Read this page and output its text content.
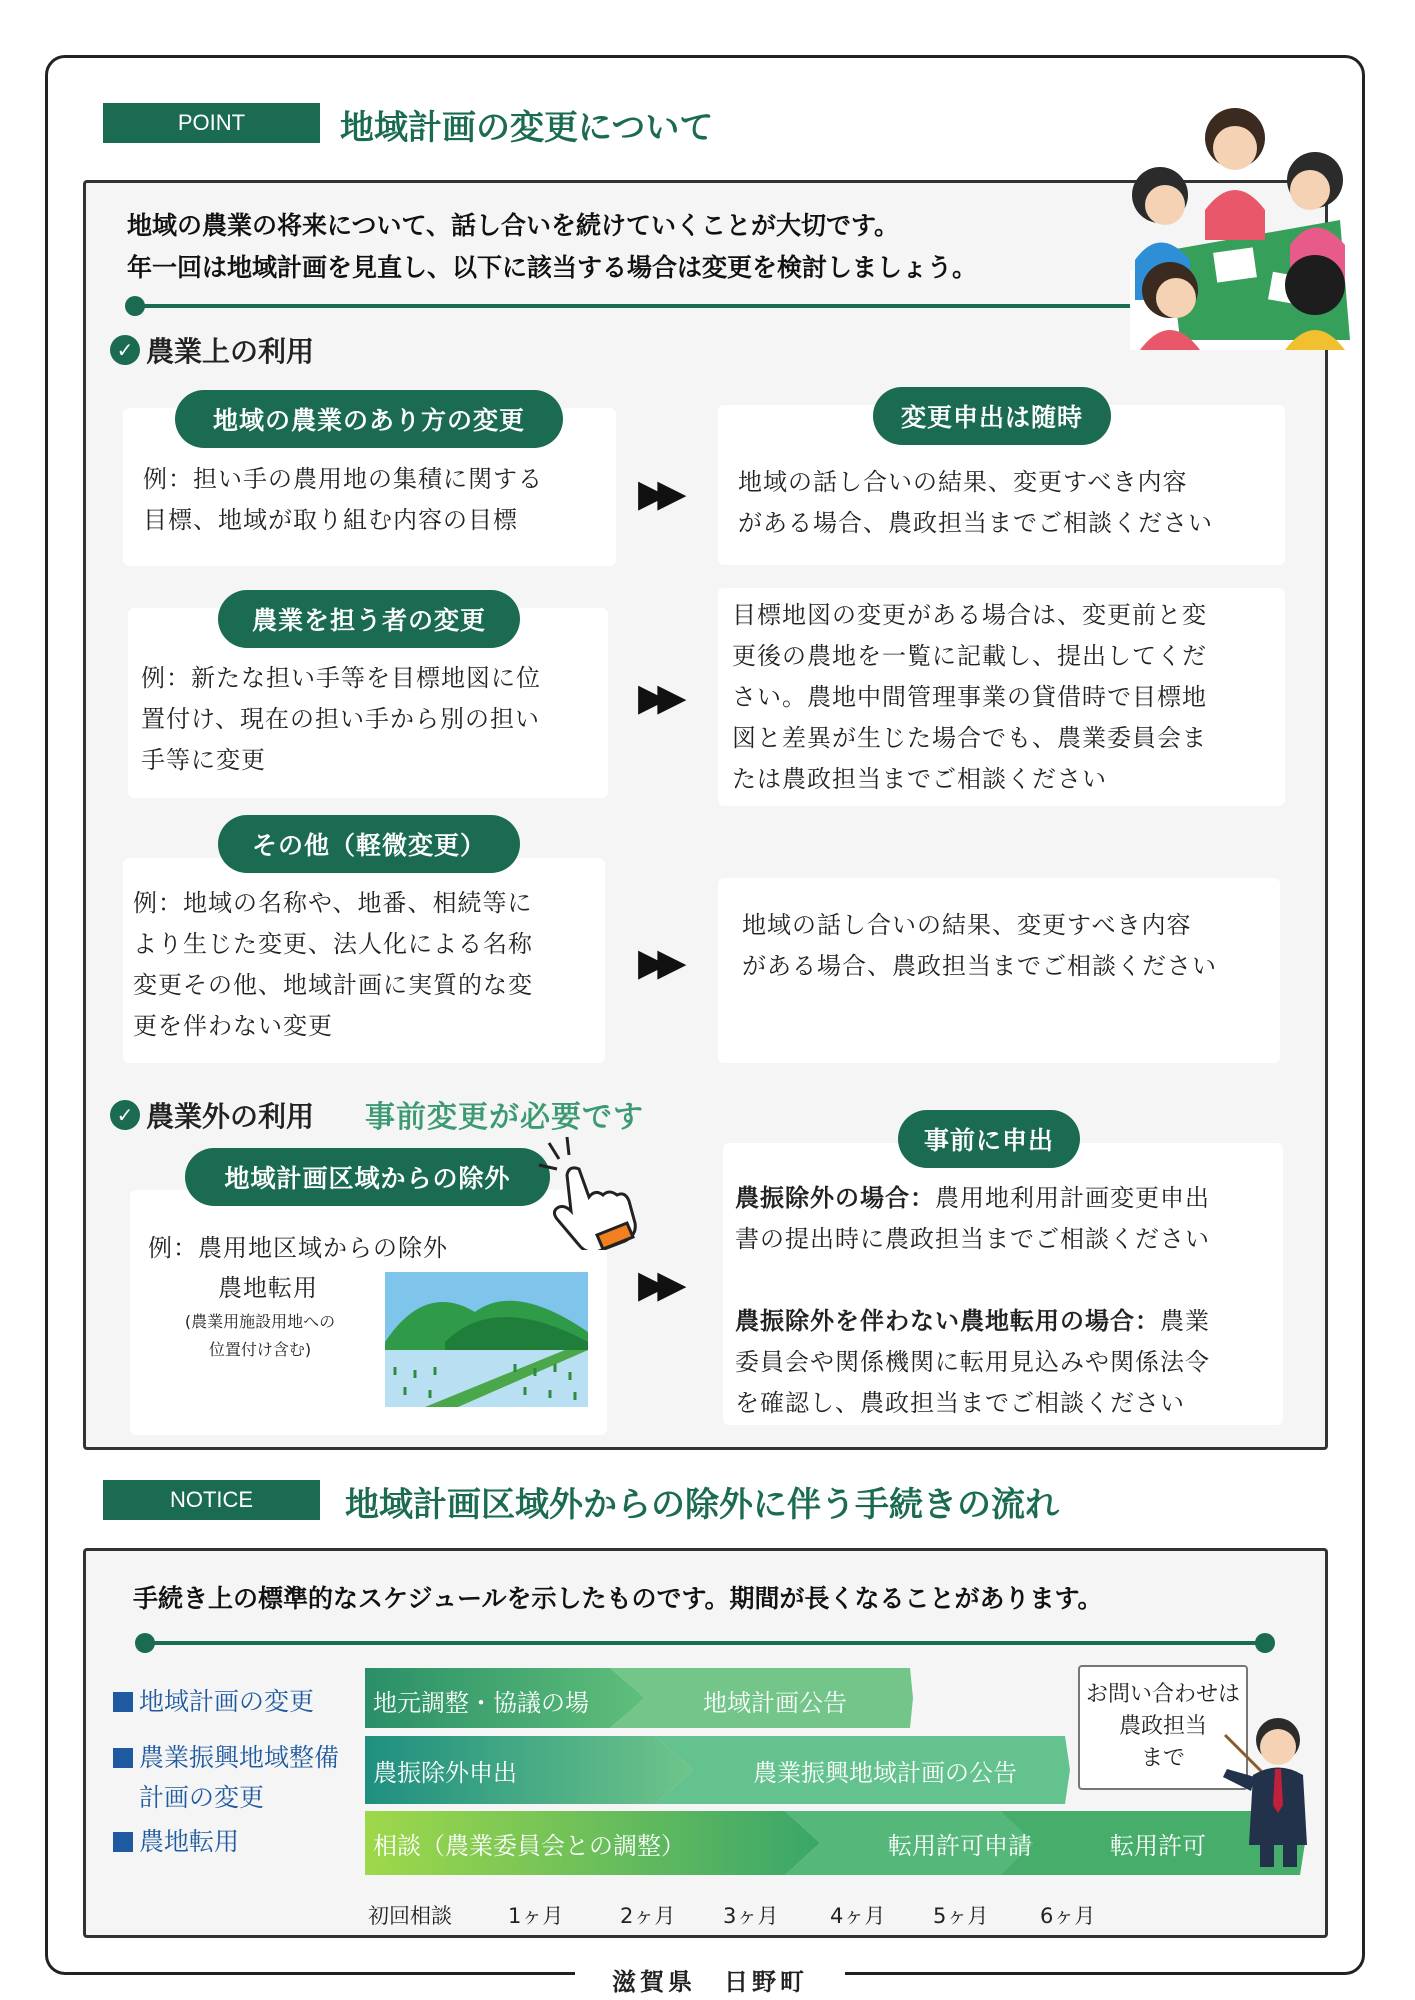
滋賀県　日野町
POINT	地域計画の変更について
地域の農業の将来について、話し合いを続けていくことが大切です。
年一回は地域計画を見直し、以下に該当する場合は変更を検討しましょう。
✓ 農業上の利用
地域の農業のあり方の変更
例：担い手の農用地の集積に関する
目標、地域が取り組む内容の目標
▶▶
変更申出は随時
地域の話し合いの結果、変更すべき内容
がある場合、農政担当までご相談ください
農業を担う者の変更
例：新たな担い手等を目標地図に位
置付け、現在の担い手から別の担い
手等に変更
▶▶
目標地図の変更がある場合は、変更前と変
更後の農地を一覧に記載し、提出してくだ
さい。農地中間管理事業の貸借時で目標地
図と差異が生じた場合でも、農業委員会ま
たは農政担当までご相談ください
その他（軽微変更）
例：地域の名称や、地番、相続等に
より生じた変更、法人化による名称
変更その他、地域計画に実質的な変
更を伴わない変更
▶▶
地域の話し合いの結果、変更すべき内容
がある場合、農政担当までご相談ください
✓ 農業外の利用 事前変更が必要です
地域計画区域からの除外
例：農用地区域からの除外
農地転用
(農業用施設用地への
位置付け含む)
▶▶
事前に申出
農振除外の場合：農用地利用計画変更申出
書の提出時に農政担当までご相談ください
農振除外を伴わない農地転用の場合：農業
委員会や関係機関に転用見込みや関係法令
を確認し、農政担当までご相談ください
NOTICE	地域計画区域外からの除外に伴う手続きの流れ
手続き上の標準的なスケジュールを示したものです。期間が長くなることがあります。
地域計画の変更
農業振興地域整備
計画の変更
農地転用
地元調整・協議の場	地域計画公告
農振除外申出	農業振興地域計画の公告
相談（農業委員会との調整）	転用許可申請	転用許可
初回相談	1ヶ月	2ヶ月 3ヶ月 4ヶ月 5ヶ月 6ヶ月
お問い合わせは
農政担当
まで
